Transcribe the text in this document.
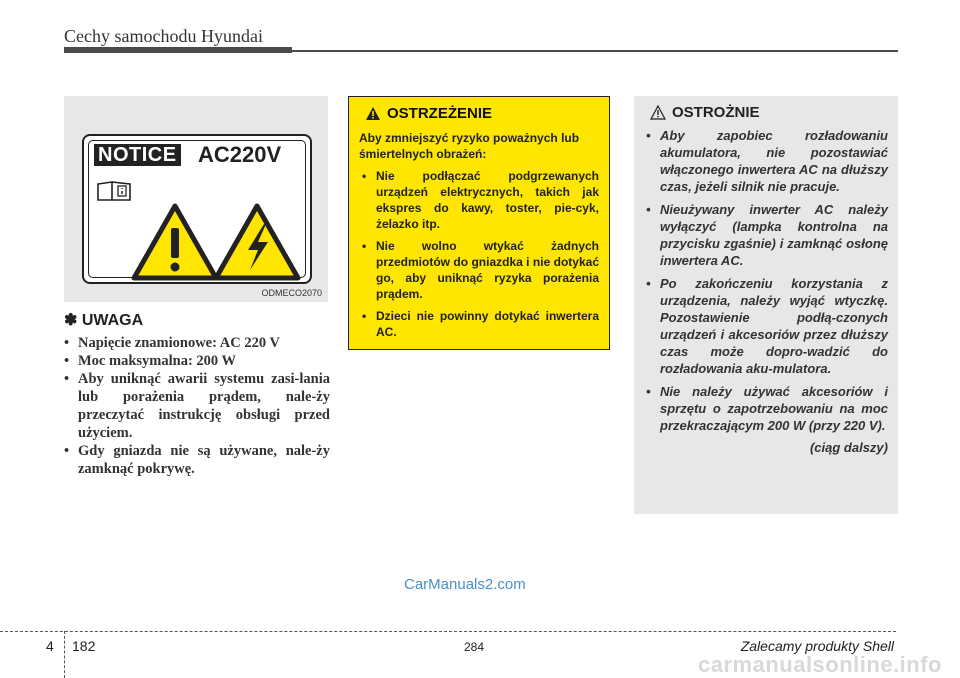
Cechy samochodu Hyundai
NOTICE AC220V
ODMECO2070
✽ UWAGA
• Napięcie znamionowe: AC 220 V
• Moc maksymalna: 200 W
• Aby uniknąć awarii systemu zasi-lania lub porażenia prądem, nale-ży przeczytać instrukcję obsługi przed użyciem.
• Gdy gniazda nie są używane, nale-ży zamknąć pokrywę.
OSTRZEŻENIE
Aby zmniejszyć ryzyko poważnych lub śmiertelnych obrażeń:
• Nie podłączać podgrzewanych urządzeń elektrycznych, takich jak ekspres do kawy, toster, pie-cyk, żelazko itp.
• Nie wolno wtykać żadnych przedmiotów do gniazdka i nie dotykać go, aby uniknąć ryzyka porażenia prądem.
• Dzieci nie powinny dotykać inwertera AC.
OSTROŻNIE
• Aby zapobiec rozładowaniu akumulatora, nie pozostawiać włączonego inwertera AC na dłuższy czas, jeżeli silnik nie pracuje.
• Nieużywany inwerter AC należy wyłączyć (lampka kontrolna na przycisku zgaśnie) i zamknąć osłonę inwertera AC.
• Po zakończeniu korzystania z urządzenia, należy wyjąć wtyczkę. Pozostawienie podłą-czonych urządzeń i akcesoriów przez dłuższy czas może dopro-wadzić do rozładowania aku-mulatora.
• Nie należy używać akcesoriów i sprzętu o zapotrzebowaniu na moc przekraczającym 200 W (przy 220 V).
(ciąg dalszy)
CarManuals2.com
4 182	284	Zalecamy produkty Shell
carmanualsonline.info
